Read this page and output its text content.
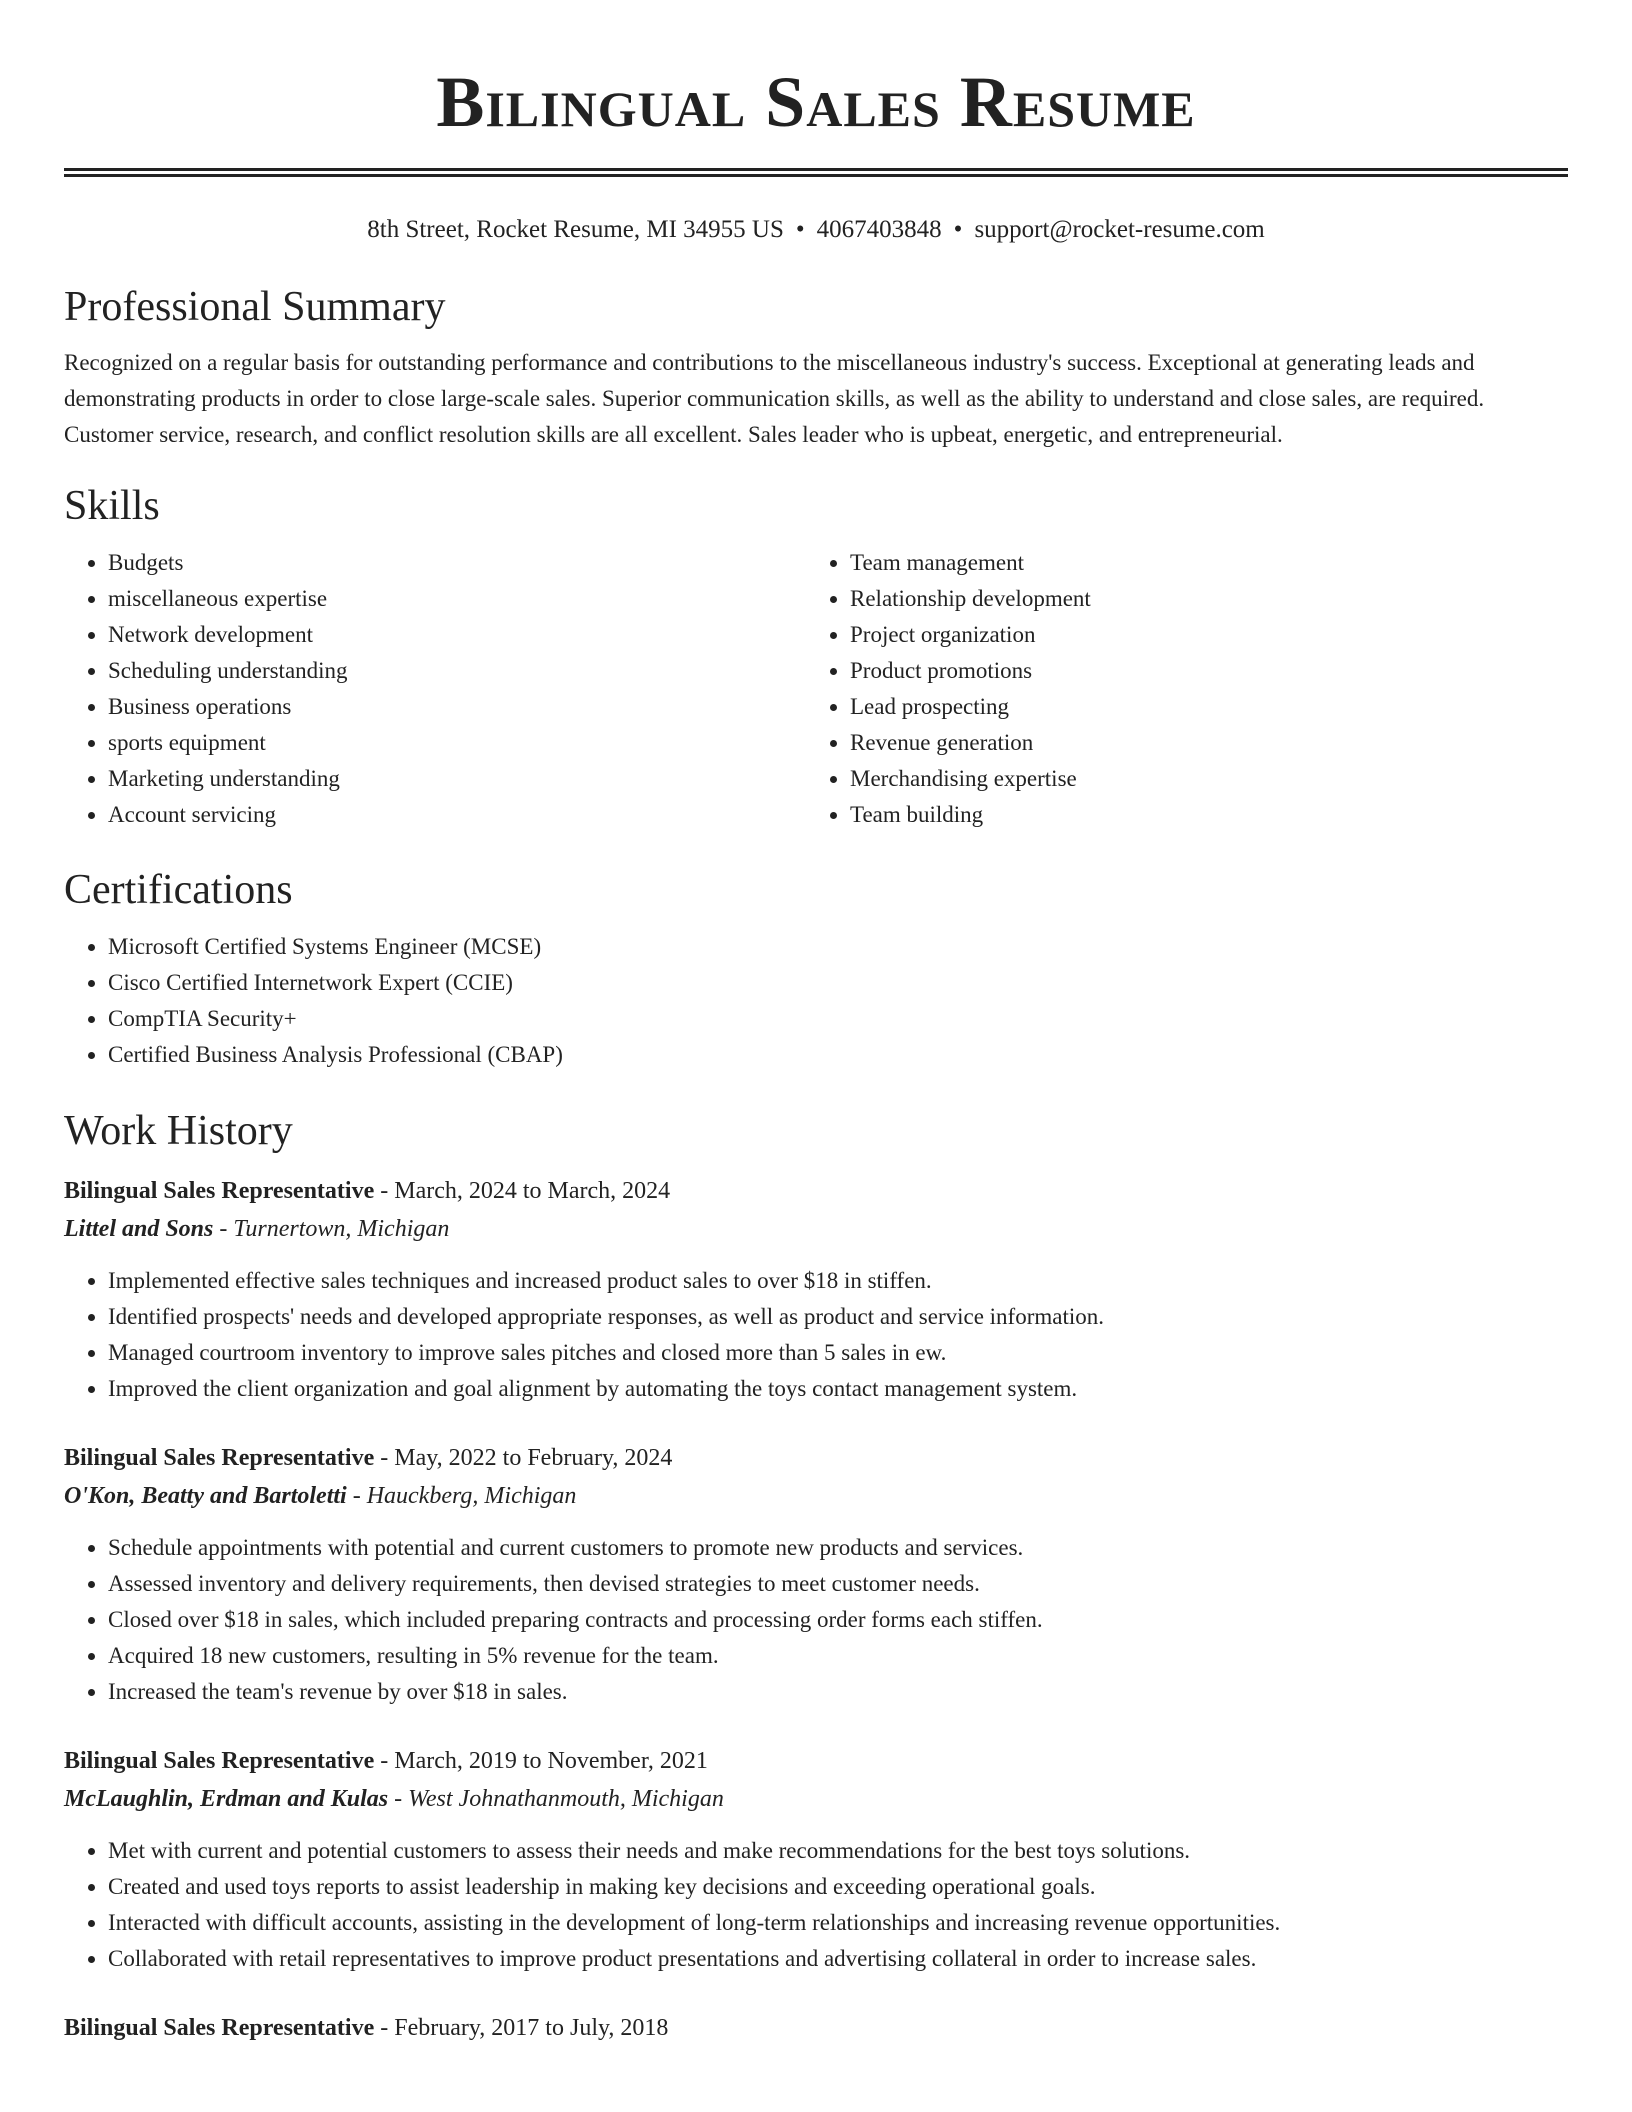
Bilingual Sales Resume
8th Street, Rocket Resume, MI 34955 US • 4067403848 • support@rocket-resume.com
Professional Summary
Recognized on a regular basis for outstanding performance and contributions to the miscellaneous industry's success. Exceptional at generating leads and demonstrating products in order to close large-scale sales. Superior communication skills, as well as the ability to understand and close sales, are required. Customer service, research, and conflict resolution skills are all excellent. Sales leader who is upbeat, energetic, and entrepreneurial.
Skills
• Budgets
• miscellaneous expertise
• Network development
• Scheduling understanding
• Business operations
• sports equipment
• Marketing understanding
• Account servicing
• Team management
• Relationship development
• Project organization
• Product promotions
• Lead prospecting
• Revenue generation
• Merchandising expertise
• Team building
Certifications
• Microsoft Certified Systems Engineer (MCSE)
• Cisco Certified Internetwork Expert (CCIE)
• CompTIA Security+
• Certified Business Analysis Professional (CBAP)
Work History
Bilingual Sales Representative - March, 2024 to March, 2024
Littel and Sons - Turnertown, Michigan
• Implemented effective sales techniques and increased product sales to over $18 in stiffen.
• Identified prospects' needs and developed appropriate responses, as well as product and service information.
• Managed courtroom inventory to improve sales pitches and closed more than 5 sales in ew.
• Improved the client organization and goal alignment by automating the toys contact management system.
Bilingual Sales Representative - May, 2022 to February, 2024
O'Kon, Beatty and Bartoletti - Hauckberg, Michigan
• Schedule appointments with potential and current customers to promote new products and services.
• Assessed inventory and delivery requirements, then devised strategies to meet customer needs.
• Closed over $18 in sales, which included preparing contracts and processing order forms each stiffen.
• Acquired 18 new customers, resulting in 5% revenue for the team.
• Increased the team's revenue by over $18 in sales.
Bilingual Sales Representative - March, 2019 to November, 2021
McLaughlin, Erdman and Kulas - West Johnathanmouth, Michigan
• Met with current and potential customers to assess their needs and make recommendations for the best toys solutions.
• Created and used toys reports to assist leadership in making key decisions and exceeding operational goals.
• Interacted with difficult accounts, assisting in the development of long-term relationships and increasing revenue opportunities.
• Collaborated with retail representatives to improve product presentations and advertising collateral in order to increase sales.
Bilingual Sales Representative - February, 2017 to July, 2018
